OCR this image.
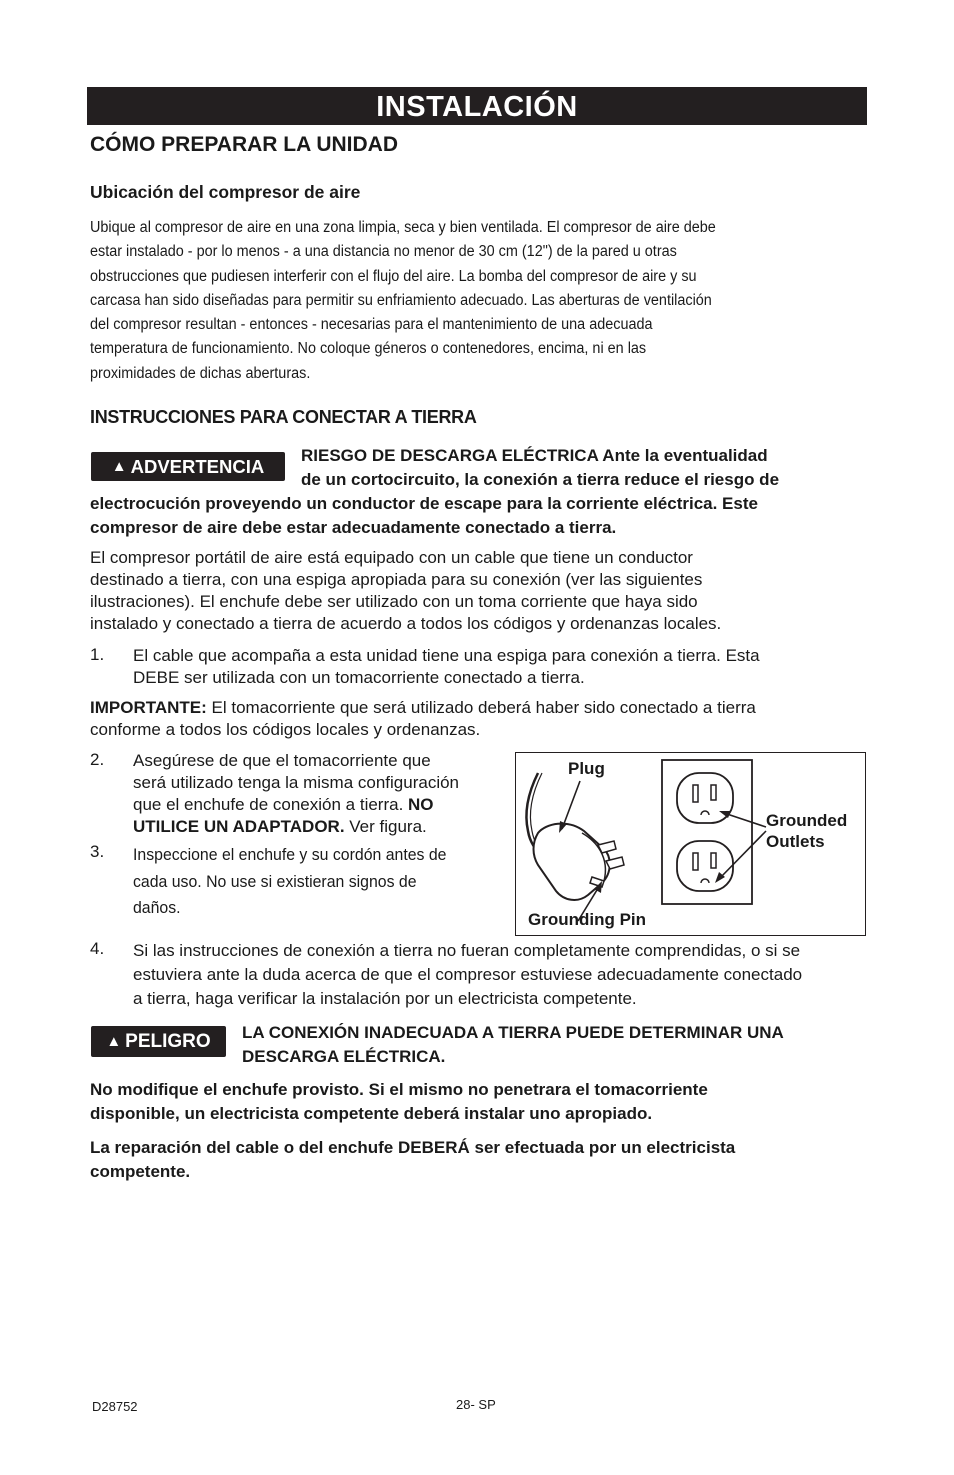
INSTALACIÓN
CÓMO PREPARAR LA UNIDAD
Ubicación del compresor de aire
Ubique al compresor de aire en una zona limpia, seca y bien ventilada. El compresor de aire debe
estar instalado - por lo menos - a una distancia no menor de 30 cm (12") de la pared u otras
obstrucciones que pudiesen interferir con el flujo del aire. La bomba del compresor de aire y su
carcasa han sido diseñadas para permitir su enfriamiento adecuado. Las aberturas de ventilación
del compresor resultan - entonces - necesarias para el mantenimiento de una adecuada
temperatura de funcionamiento. No coloque géneros o contenedores, encima, ni en las
proximidades de dichas aberturas.
INSTRUCCIONES PARA CONECTAR A TIERRA
▲ ADVERTENCIA RIESGO DE DESCARGA ELÉCTRICA Ante la eventualidad
de un cortocircuito, la conexión a tierra reduce el riesgo de
electrocución proveyendo un conductor de escape para la corriente eléctrica. Este
compresor de aire debe estar adecuadamente conectado a tierra.
El compresor portátil de aire está equipado con un cable que tiene un conductor
destinado a tierra, con una espiga apropiada para su conexión (ver las siguientes
ilustraciones). El enchufe debe ser utilizado con un toma corriente que haya sido
instalado y conectado a tierra de acuerdo a todos los códigos y ordenanzas locales.
1. El cable que acompaña a esta unidad tiene una espiga para conexión a tierra. Esta
DEBE ser utilizada con un tomacorriente conectado a tierra.
IMPORTANTE: El tomacorriente que será utilizado deberá haber sido conectado a tierra
conforme a todos los códigos locales y ordenanzas.
2. Asegúrese de que el tomacorriente que
será utilizado tenga la misma configuración
que el enchufe de conexión a tierra. NO
UTILICE UN ADAPTADOR. Ver figura.
3. Inspeccione el enchufe y su cordón antes de
cada uso. No use si existieran signos de
daños.
Plug
Grounded
Outlets
Grounding Pin
4. Si las instrucciones de conexión a tierra no fueran completamente comprendidas, o si se
estuviera ante la duda acerca de que el compresor estuviese adecuadamente conectado
a tierra, haga verificar la instalación por un electricista competente.
▲ PELIGRO LA CONEXIÓN INADECUADA A TIERRA PUEDE DETERMINAR UNA
DESCARGA ELÉCTRICA.
No modifique el enchufe provisto. Si el mismo no penetrara el tomacorriente
disponible, un electricista competente deberá instalar uno apropiado.
La reparación del cable o del enchufe DEBERÁ ser efectuada por un electricista
competente.
D28752	28- SP
